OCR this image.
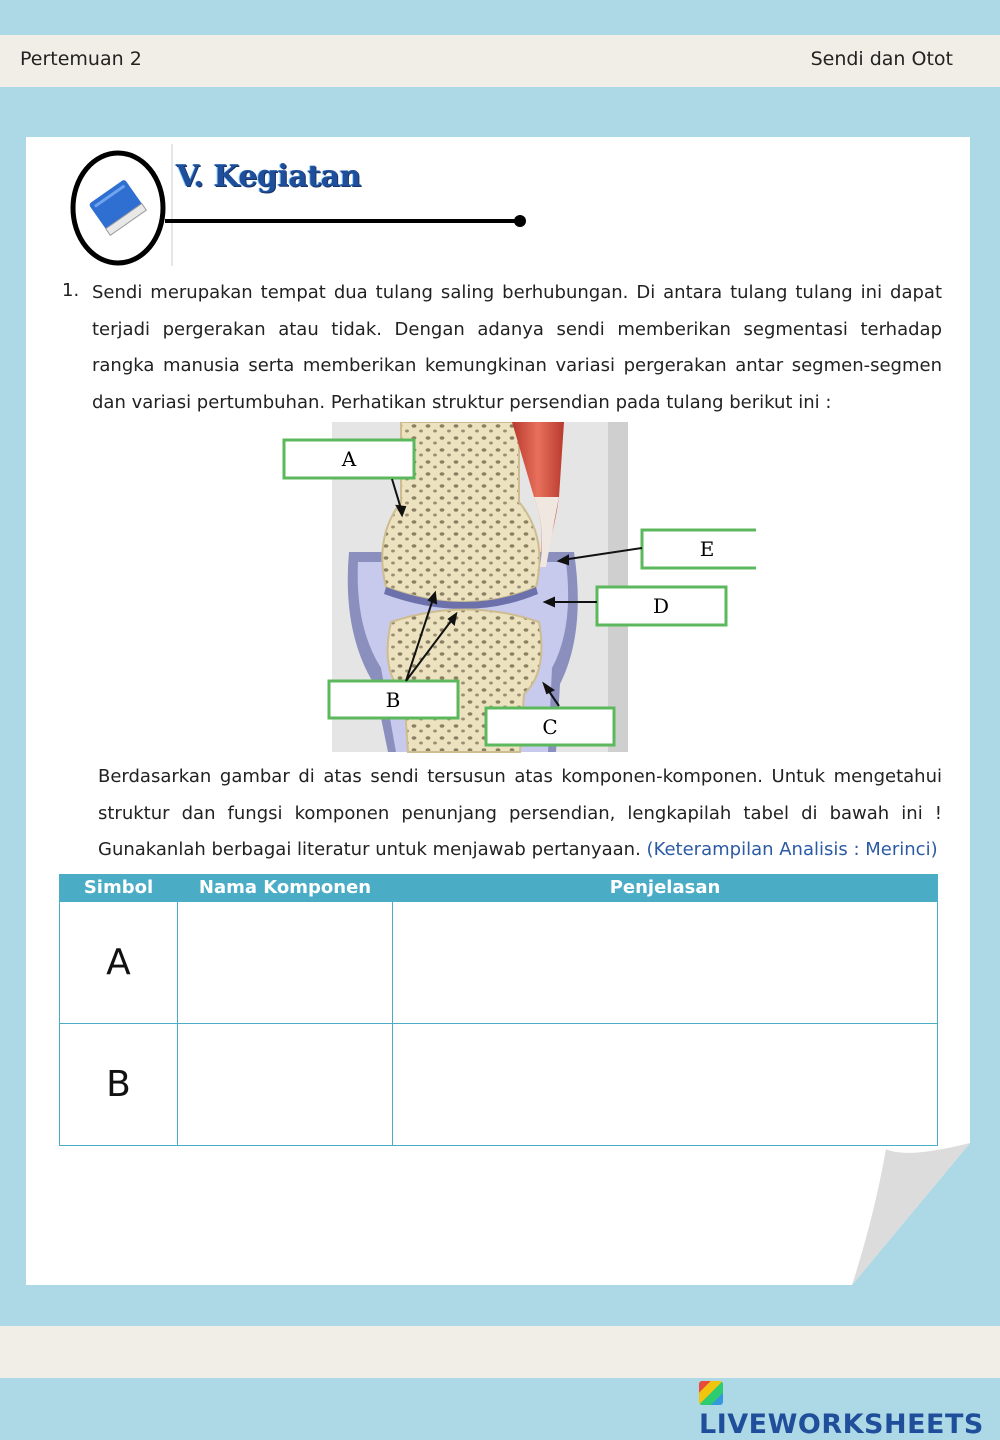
Pertemuan 2	Sendi dan Otot
V. Kegiatan
1. Sendi merupakan tempat dua tulang saling berhubungan. Di antara tulang tulang ini dapat terjadi pergerakan atau tidak. Dengan adanya sendi memberikan segmentasi terhadap rangka manusia serta memberikan kemungkinan variasi pergerakan antar segmen-segmen dan variasi pertumbuhan. Perhatikan struktur persendian pada tulang berikut ini :
A
E
D
B
C
Berdasarkan gambar di atas sendi tersusun atas komponen-komponen. Untuk mengetahui struktur dan fungsi komponen penunjang persendian, lengkapilah tabel di bawah ini ! Gunakanlah berbagai literatur untuk menjawab pertanyaan. (Keterampilan Analisis : Merinci)
Simbol	Nama Komponen	Penjelasan
A		
B		
LIVEWORKSHEETS
